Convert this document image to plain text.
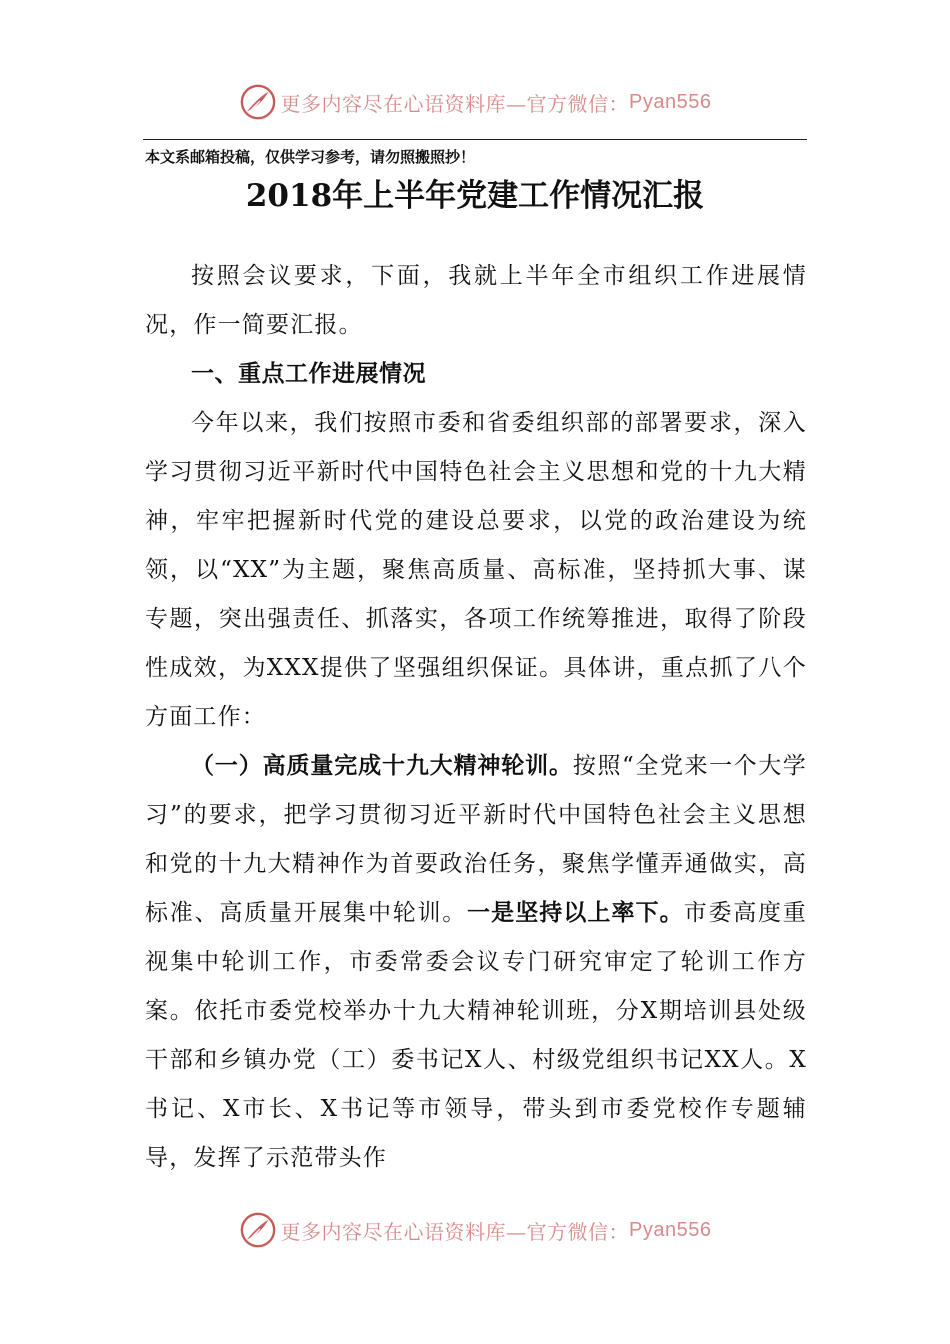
更多内容尽在心语资料库—官方微信： Pyan556
本文系邮箱投稿，仅供学习参考，请勿照搬照抄！
2018年上半年党建工作情况汇报

按照会议要求，下面，我就上半年全市组织工作进展情况，作一简要汇报。

一、重点工作进展情况

今年以来，我们按照市委和省委组织部的部署要求，深入学习贯彻习近平新时代中国特色社会主义思想和党的十九大精神，牢牢把握新时代党的建设总要求，以党的政治建设为统领，以“XX”为主题，聚焦高质量、高标准，坚持抓大事、谋专题，突出强责任、抓落实，各项工作统筹推进，取得了阶段性成效，为XXX提供了坚强组织保证。具体讲，重点抓了八个方面工作：

（一）高质量完成十九大精神轮训。按照“全党来一个大学习”的要求，把学习贯彻习近平新时代中国特色社会主义思想和党的十九大精神作为首要政治任务，聚焦学懂弄通做实，高标准、高质量开展集中轮训。一是坚持以上率下。市委高度重视集中轮训工作，市委常委会议专门研究审定了轮训工作方案。依托市委党校举办十九大精神轮训班，分X期培训县处级干部和乡镇办党（工）委书记X人、村级党组织书记XX人。X书记、X市长、X书记等市领导，带头到市委党校作专题辅导，发挥了示范带头作

更多内容尽在心语资料库—官方微信： Pyan556
